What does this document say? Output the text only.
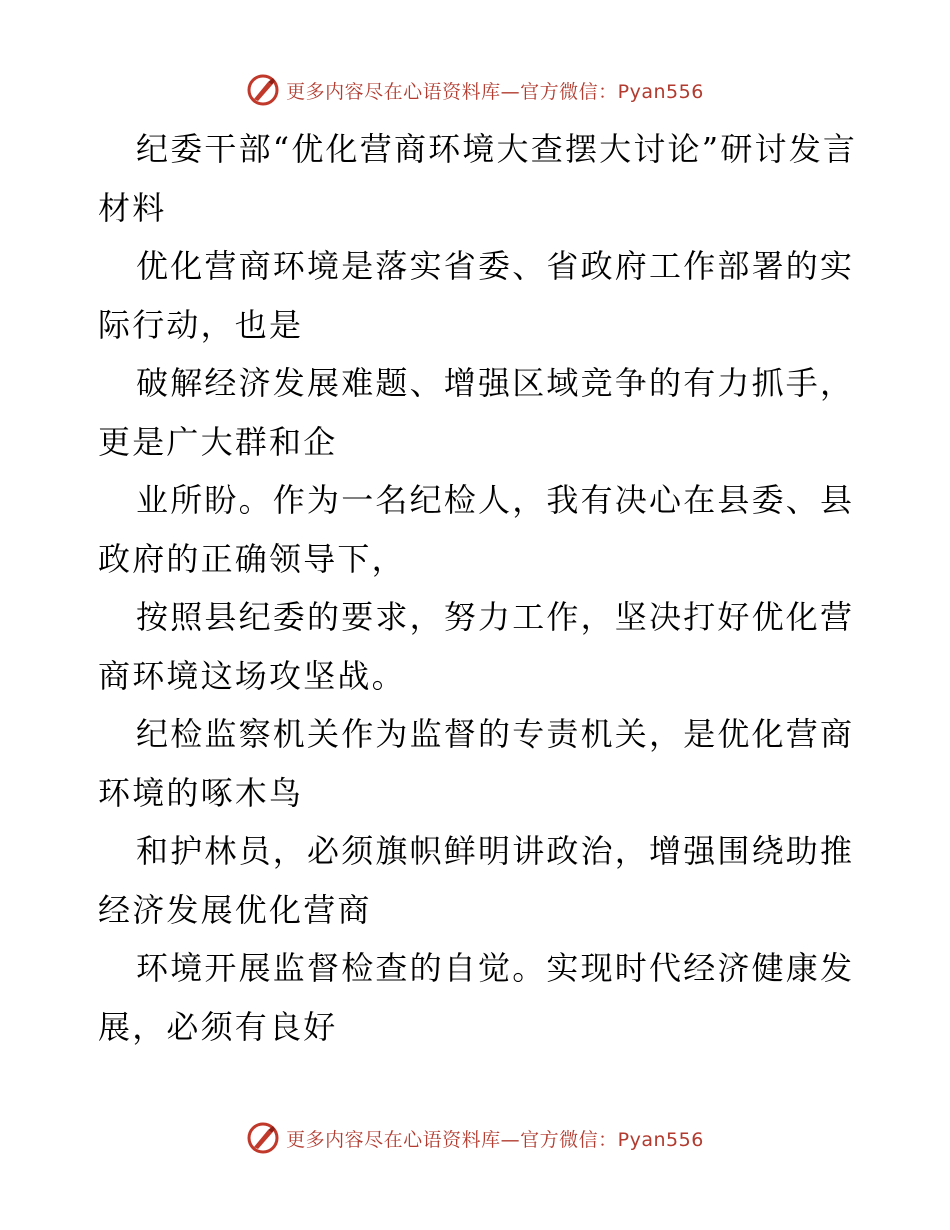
更多内容尽在心语资料库—官方微信：Pyan556

纪委干部“优化营商环境大查摆大讨论”研讨发言材料

优化营商环境是落实省委、省政府工作部署的实际行动，也是

破解经济发展难题、增强区域竞争的有力抓手，更是广大群和企

业所盼。作为一名纪检人，我有决心在县委、县政府的正确领导下，

按照县纪委的要求，努力工作，坚决打好优化营商环境这场攻坚战。

纪检监察机关作为监督的专责机关，是优化营商环境的啄木鸟

和护林员，必须旗帜鲜明讲政治，增强围绕助推经济发展优化营商

环境开展监督检查的自觉。实现时代经济健康发展，必须有良好

更多内容尽在心语资料库—官方微信：Pyan556
